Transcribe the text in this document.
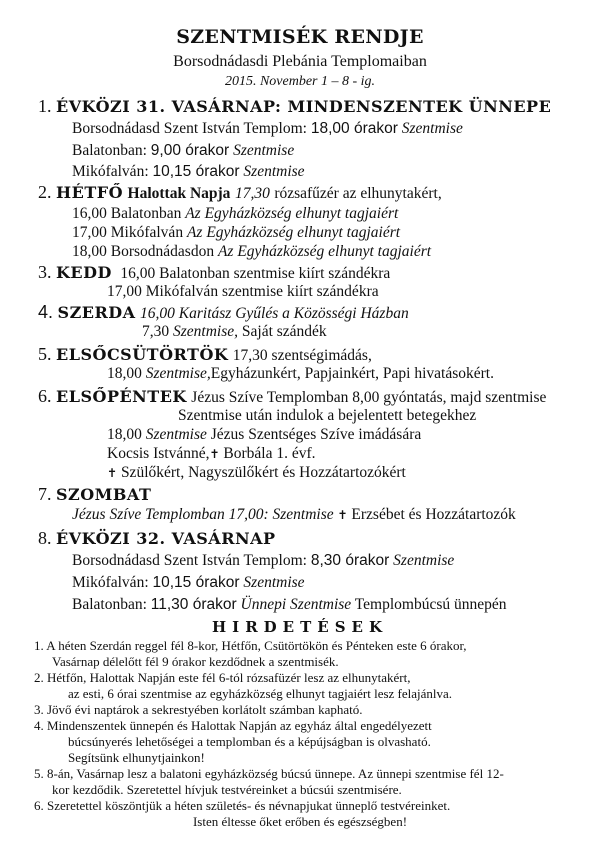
SZENTMISÉK RENDJE
Borsodnádasdi Plebánia Templomaiban
2015. November 1 – 8 - ig.
1. ÉVKÖZI 31. VASÁRNAP: MINDENSZENTEK ÜNNEPE
Borsodnádasd Szent István Templom: 18,00 órakor Szentmise
Balatonban: 9,00 órakor Szentmise
Mikófalván: 10,15 órakor Szentmise
2. HÉTFŐ Halottak Napja 17,30 rózsafűzér az elhunytakért,
16,00 Balatonban Az Egyházközség elhunyt tagjaiért
17,00 Mikófalván Az Egyházközség elhunyt tagjaiért
18,00 Borsodnádasdon Az Egyházközség elhunyt tagjaiért
3. KEDD 16,00 Balatonban szentmise kiírt szándékra
17,00 Mikófalván szentmise kiírt szándékra
4. SZERDA 16,00 Karitász Gyűlés a Közösségi Házban
7,30 Szentmise, Saját szándék
5. ELSŐCSÜTÖRTÖK 17,30 szentségimádás,
18,00 Szentmise,Egyházunkért, Papjainkért, Papi hivatásokért.
6. ELSŐPÉNTEK Jézus Szíve Templomban 8,00 gyóntatás, majd szentmise
Szentmise után indulok a bejelentett betegekhez
18,00 Szentmise Jézus Szentséges Szíve imádására
Kocsis Istvánné,✝ Borbála 1. évf.
✝ Szülőkért, Nagyszülőkért és Hozzátartozókért
7. SZOMBAT
Jézus Szíve Templomban 17,00: Szentmise ✝ Erzsébet és Hozzátartozók
8. ÉVKÖZI 32. VASÁRNAP
Borsodnádasd Szent István Templom: 8,30 órakor Szentmise
Mikófalván: 10,15 órakor Szentmise
Balatonban: 11,30 órakor Ünnepi Szentmise Templombúcsú ünnepén
HIRDETÉSEK
1. A héten Szerdán reggel fél 8-kor, Hétfőn, Csütörtökön és Pénteken este 6 órakor,
Vasárnap délelőtt fél 9 órakor kezdődnek a szentmisék.
2. Hétfőn, Halottak Napján este fél 6-tól rózsafüzér lesz az elhunytakért,
az esti, 6 órai szentmise az egyházközség elhunyt tagjaiért lesz felajánlva.
3. Jövő évi naptárok a sekrestyében korlátolt számban kapható.
4. Mindenszentek ünnepén és Halottak Napján az egyház által engedélyezett
búcsúnyerés lehetőségei a templomban és a képújságban is olvasható.
Segítsünk elhunytjainkon!
5. 8-án, Vasárnap lesz a balatoni egyházközség búcsú ünnepe. Az ünnepi szentmise fél 12-
kor kezdődik. Szeretettel hívjuk testvéreinket a búcsúi szentmisére.
6. Szeretettel köszöntjük a héten születés- és névnapjukat ünneplő testvéreinket.
Isten éltesse őket erőben és egészségben!
